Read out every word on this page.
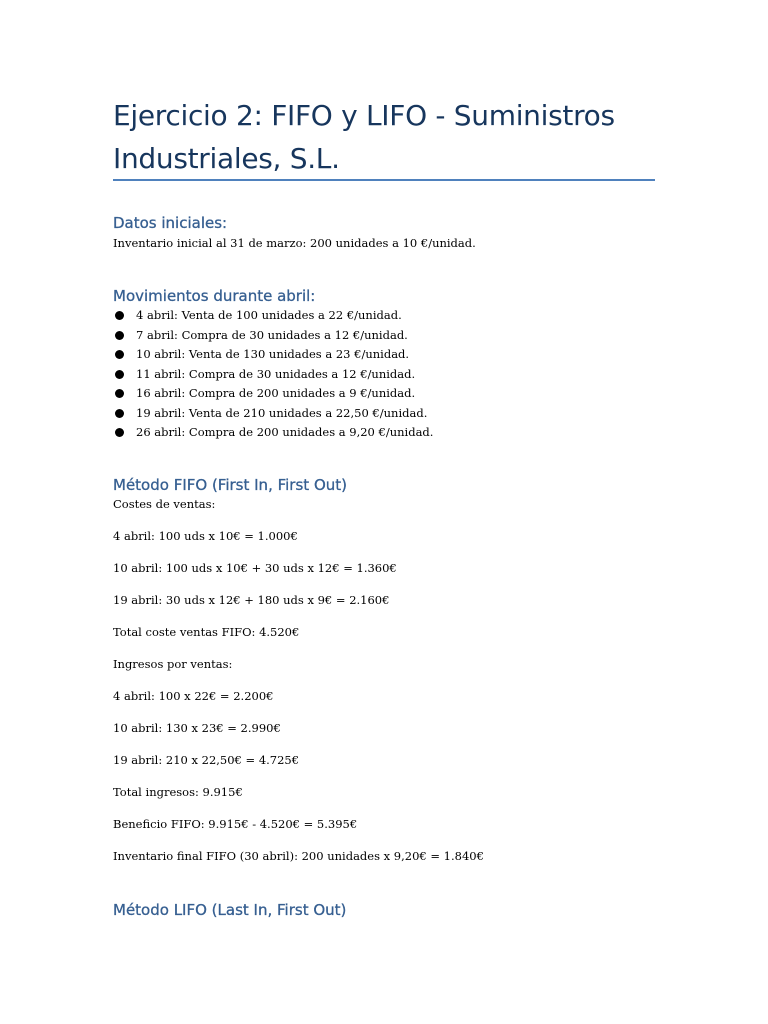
Ejercicio 2: FIFO y LIFO - Suministros Industriales, S.L.
Datos iniciales:

Inventario inicial al 31 de marzo: 200 unidades a 10 €/unidad.

Movimientos durante abril:
4 abril: Venta de 100 unidades a 22 €/unidad.
7 abril: Compra de 30 unidades a 12 €/unidad.
10 abril: Venta de 130 unidades a 23 €/unidad.
11 abril: Compra de 30 unidades a 12 €/unidad.
16 abril: Compra de 200 unidades a 9 €/unidad.
19 abril: Venta de 210 unidades a 22,50 €/unidad.
26 abril: Compra de 200 unidades a 9,20 €/unidad.
Método FIFO (First In, First Out)

Costes de ventas:

4 abril: 100 uds x 10€ = 1.000€

10 abril: 100 uds x 10€ + 30 uds x 12€ = 1.360€

19 abril: 30 uds x 12€ + 180 uds x 9€ = 2.160€

Total coste ventas FIFO: 4.520€

Ingresos por ventas:

4 abril: 100 x 22€ = 2.200€

10 abril: 130 x 23€ = 2.990€

19 abril: 210 x 22,50€ = 4.725€

Total ingresos: 9.915€

Beneficio FIFO: 9.915€ - 4.520€ = 5.395€

Inventario final FIFO (30 abril): 200 unidades x 9,20€ = 1.840€

Método LIFO (Last In, First Out)
